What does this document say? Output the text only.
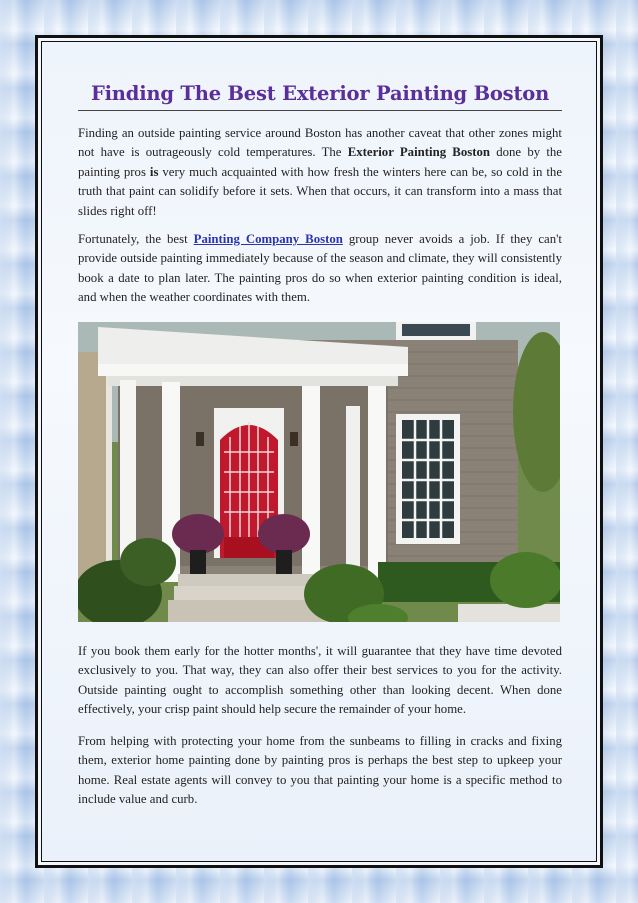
Finding The Best Exterior Painting Boston

Finding an outside painting service around Boston has another caveat that other zones might not have is outrageously cold temperatures. The Exterior Painting Boston done by the painting pros is very much acquainted with how fresh the winters here can be, so cold in the truth that paint can solidify before it sets. When that occurs, it can transform into a mass that slides right off!

Fortunately, the best Painting Company Boston group never avoids a job. If they can't provide outside painting immediately because of the season and climate, they will consistently book a date to plan later. The painting pros do so when exterior painting condition is ideal, and when the weather coordinates with them.

If you book them early for the hotter months', it will guarantee that they have time devoted exclusively to you. That way, they can also offer their best services to you for the activity. Outside painting ought to accomplish something other than looking decent. When done effectively, your crisp paint should help secure the remainder of your home.

From helping with protecting your home from the sunbeams to filling in cracks and fixing them, exterior home painting done by painting pros is perhaps the best step to upkeep your home. Real estate agents will convey to you that painting your home is a specific method to include value and curb.
